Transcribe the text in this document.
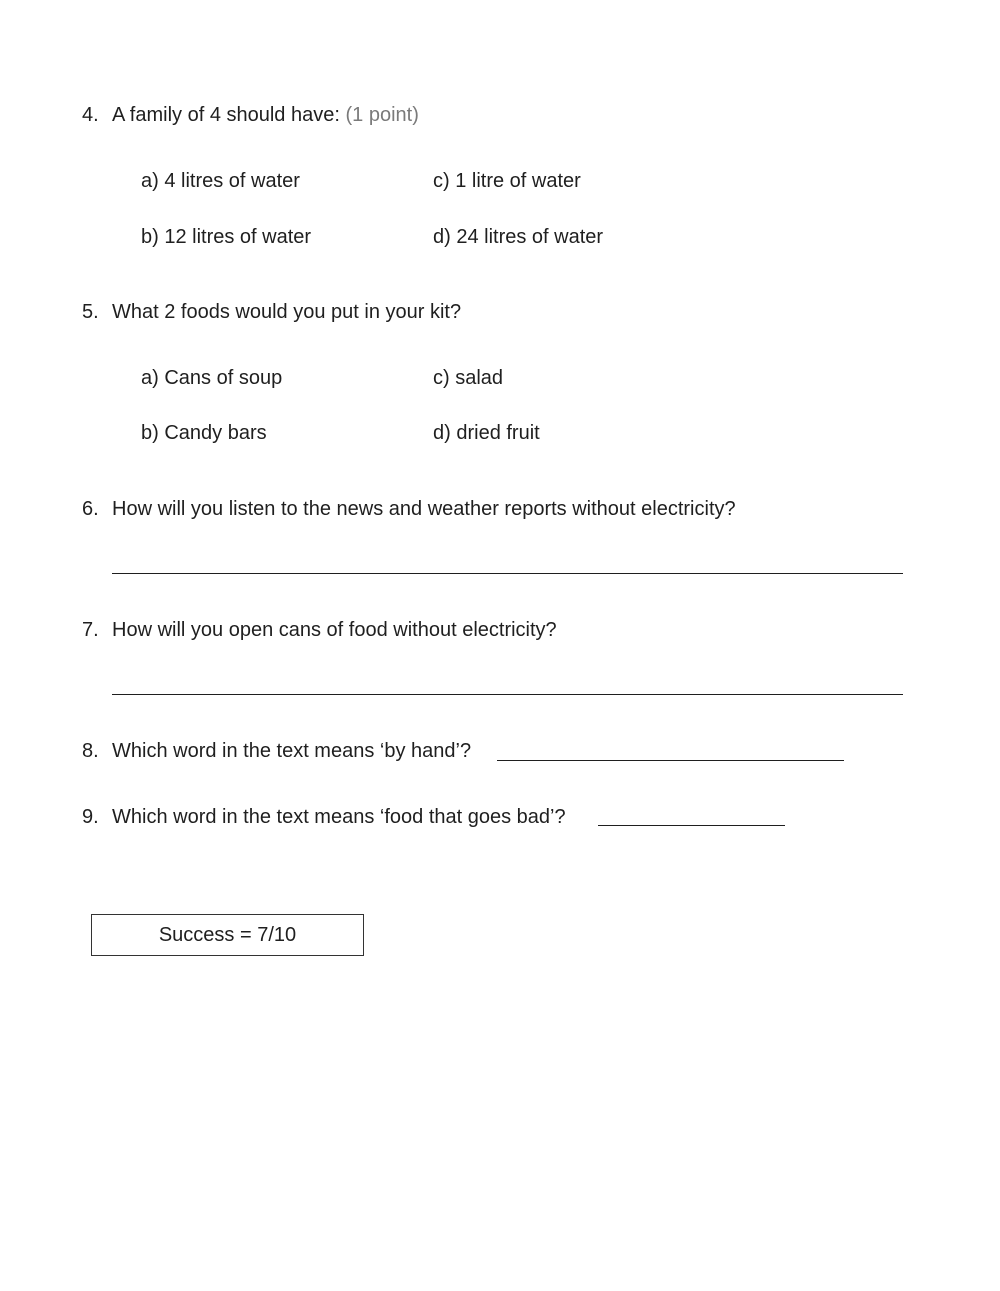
4. A family of 4 should have: (1 point)
a) 4 litres of water	c) 1 litre of water
b) 12 litres of water	d) 24 litres of water
5. What 2 foods would you put in your kit?
a) Cans of soup	c) salad
b) Candy bars	d) dried fruit
6. How will you listen to the news and weather reports without electricity?
7. How will you open cans of food without electricity?
8. Which word in the text means ‘by hand’?
9. Which word in the text means ‘food that goes bad’?
Success = 7/10
